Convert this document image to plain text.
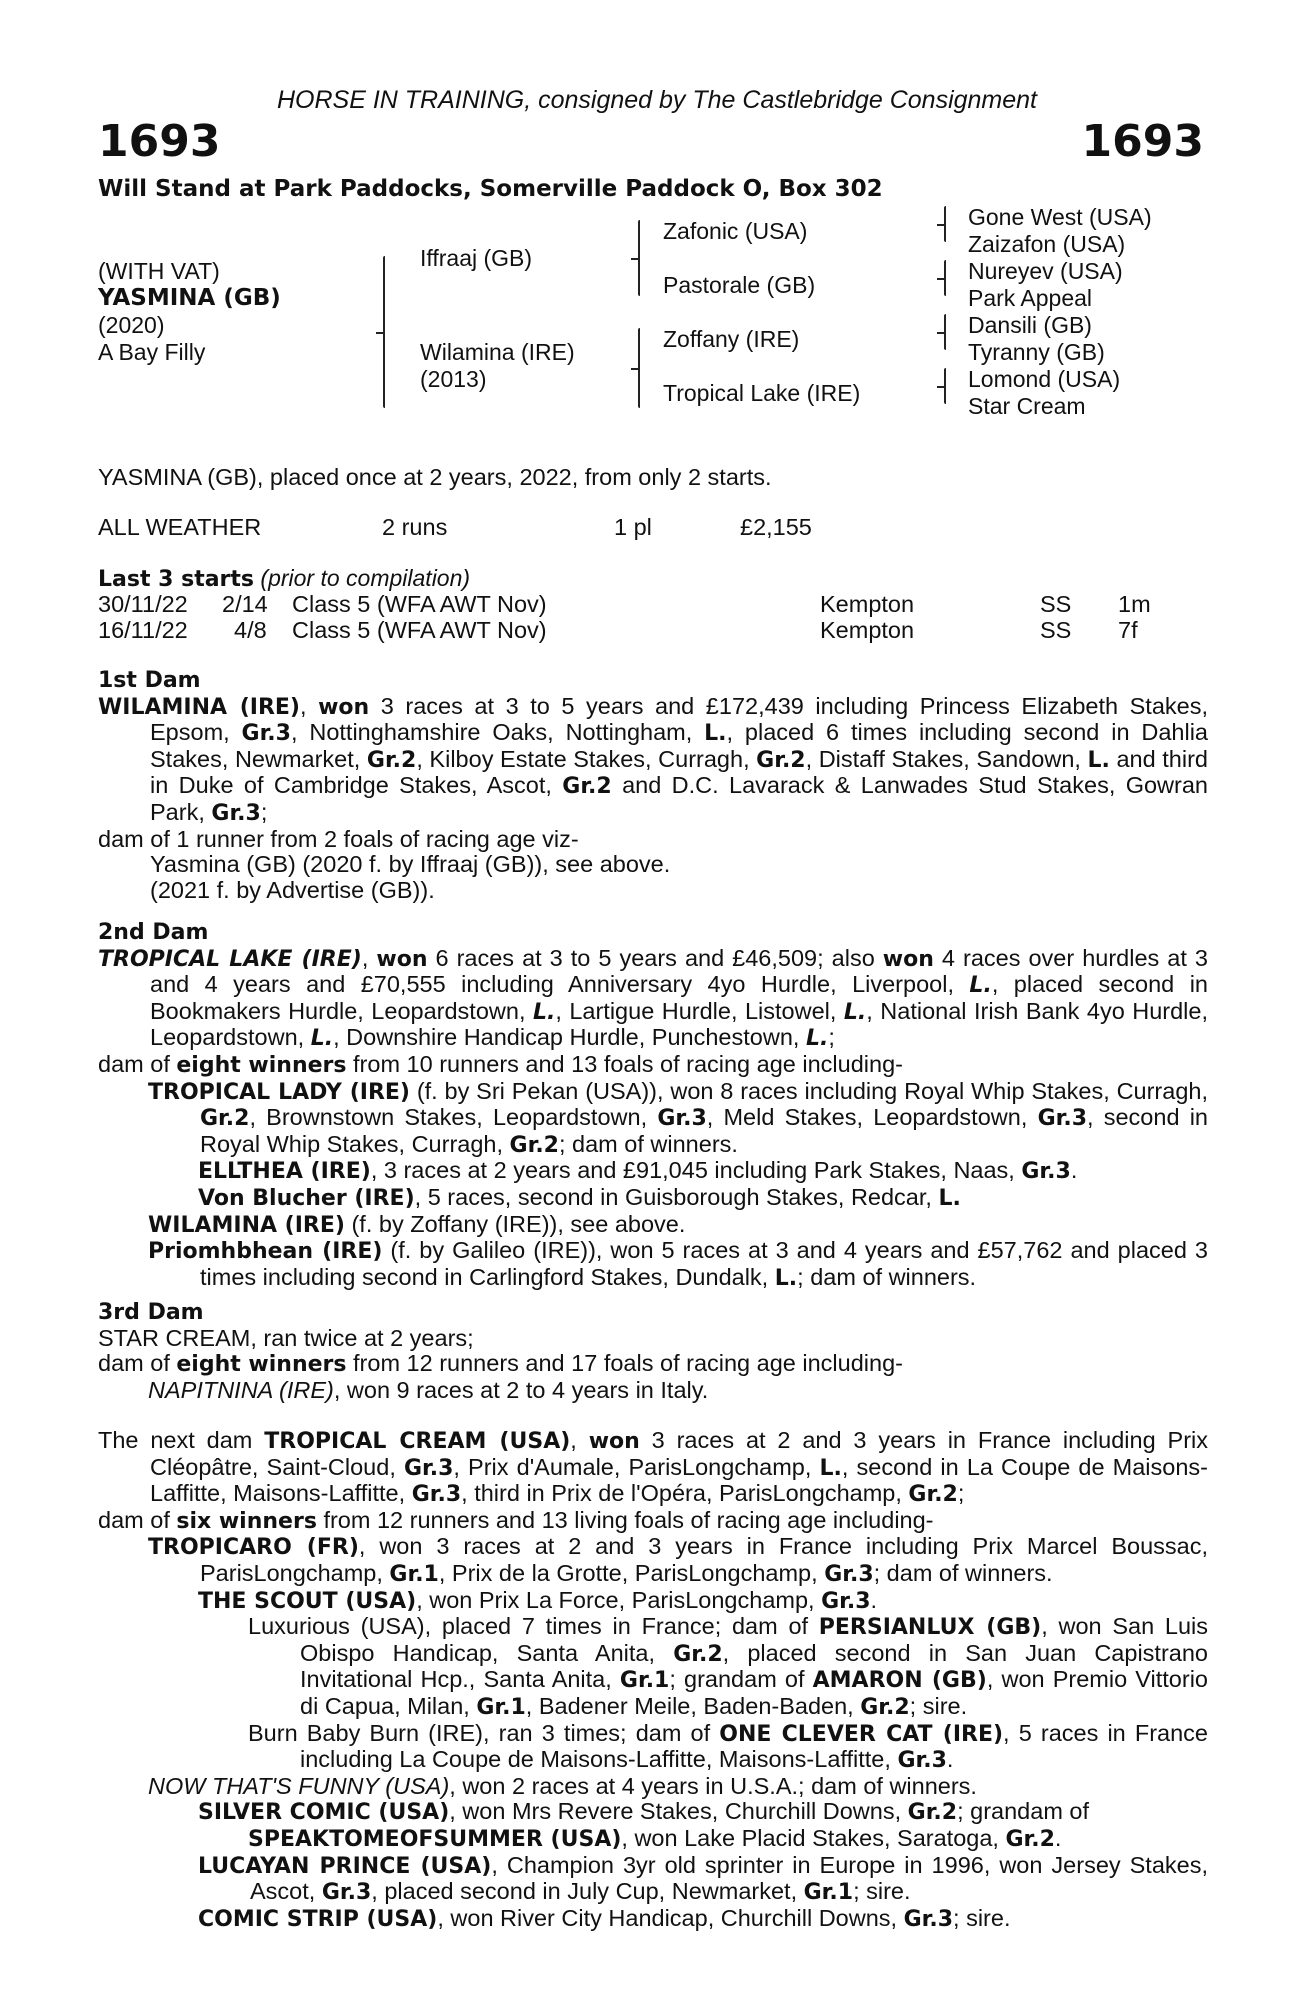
HORSE IN TRAINING, consigned by The Castlebridge Consignment
1693	1693
Will Stand at Park Paddocks, Somerville Paddock O, Box 302
(WITH VAT)
YASMINA (GB)
(2020)
A Bay Filly
Iffraaj (GB)
Wilamina (IRE)
(2013)
Zafonic (USA)
Pastorale (GB)
Zoffany (IRE)
Tropical Lake (IRE)
Gone West (USA)
Zaizafon (USA)
Nureyev (USA)
Park Appeal
Dansili (GB)
Tyranny (GB)
Lomond (USA)
Star Cream
YASMINA (GB), placed once at 2 years, 2022, from only 2 starts.
ALL WEATHER	2 runs	1 pl	£2,155
Last 3 starts (prior to compilation)
30/11/22 2/14 Class 5 (WFA AWT Nov)	Kempton	SS 1m
16/11/22 4/8 Class 5 (WFA AWT Nov)	Kempton	SS 7f
1st Dam

WILAMINA (IRE), won 3 races at 3 to 5 years and £172,439 including Princess Elizabeth Stakes, Epsom, Gr.3, Nottinghamshire Oaks, Nottingham, L., placed 6 times including second in Dahlia Stakes, Newmarket, Gr.2, Kilboy Estate Stakes, Curragh, Gr.2, Distaff Stakes, Sandown, L. and third in Duke of Cambridge Stakes, Ascot, Gr.2 and D.C. Lavarack & Lanwades Stud Stakes, Gowran Park, Gr.3;

dam of 1 runner from 2 foals of racing age viz-

Yasmina (GB) (2020 f. by Iffraaj (GB)), see above.

(2021 f. by Advertise (GB)).

2nd Dam

TROPICAL LAKE (IRE), won 6 races at 3 to 5 years and £46,509; also won 4 races over hurdles at 3 and 4 years and £70,555 including Anniversary 4yo Hurdle, Liverpool, L., placed second in Bookmakers Hurdle, Leopardstown, L., Lartigue Hurdle, Listowel, L., National Irish Bank 4yo Hurdle, Leopardstown, L., Downshire Handicap Hurdle, Punchestown, L.;

dam of eight winners from 10 runners and 13 foals of racing age including-

TROPICAL LADY (IRE) (f. by Sri Pekan (USA)), won 8 races including Royal Whip Stakes, Curragh, Gr.2, Brownstown Stakes, Leopardstown, Gr.3, Meld Stakes, Leopardstown, Gr.3, second in Royal Whip Stakes, Curragh, Gr.2; dam of winners.

ELLTHEA (IRE), 3 races at 2 years and £91,045 including Park Stakes, Naas, Gr.3.

Von Blucher (IRE), 5 races, second in Guisborough Stakes, Redcar, L.

WILAMINA (IRE) (f. by Zoffany (IRE)), see above.

Priomhbhean (IRE) (f. by Galileo (IRE)), won 5 races at 3 and 4 years and £57,762 and placed 3 times including second in Carlingford Stakes, Dundalk, L.; dam of winners.

3rd Dam

STAR CREAM, ran twice at 2 years;

dam of eight winners from 12 runners and 17 foals of racing age including-

NAPITNINA (IRE), won 9 races at 2 to 4 years in Italy.

The next dam TROPICAL CREAM (USA), won 3 races at 2 and 3 years in France including Prix Cléopâtre, Saint-Cloud, Gr.3, Prix d'Aumale, ParisLongchamp, L., second in La Coupe de Maisons-Laffitte, Maisons-Laffitte, Gr.3, third in Prix de l'Opéra, ParisLongchamp, Gr.2;

dam of six winners from 12 runners and 13 living foals of racing age including-

TROPICARO (FR), won 3 races at 2 and 3 years in France including Prix Marcel Boussac, ParisLongchamp, Gr.1, Prix de la Grotte, ParisLongchamp, Gr.3; dam of winners.

THE SCOUT (USA), won Prix La Force, ParisLongchamp, Gr.3.

Luxurious (USA), placed 7 times in France; dam of PERSIANLUX (GB), won San Luis Obispo Handicap, Santa Anita, Gr.2, placed second in San Juan Capistrano Invitational Hcp., Santa Anita, Gr.1; grandam of AMARON (GB), won Premio Vittorio di Capua, Milan, Gr.1, Badener Meile, Baden-Baden, Gr.2; sire.

Burn Baby Burn (IRE), ran 3 times; dam of ONE CLEVER CAT (IRE), 5 races in France including La Coupe de Maisons-Laffitte, Maisons-Laffitte, Gr.3.

NOW THAT'S FUNNY (USA), won 2 races at 4 years in U.S.A.; dam of winners.

SILVER COMIC (USA), won Mrs Revere Stakes, Churchill Downs, Gr.2; grandam of

SPEAKTOMEOFSUMMER (USA), won Lake Placid Stakes, Saratoga, Gr.2.

LUCAYAN PRINCE (USA), Champion 3yr old sprinter in Europe in 1996, won Jersey Stakes, Ascot, Gr.3, placed second in July Cup, Newmarket, Gr.1; sire.

COMIC STRIP (USA), won River City Handicap, Churchill Downs, Gr.3; sire.
